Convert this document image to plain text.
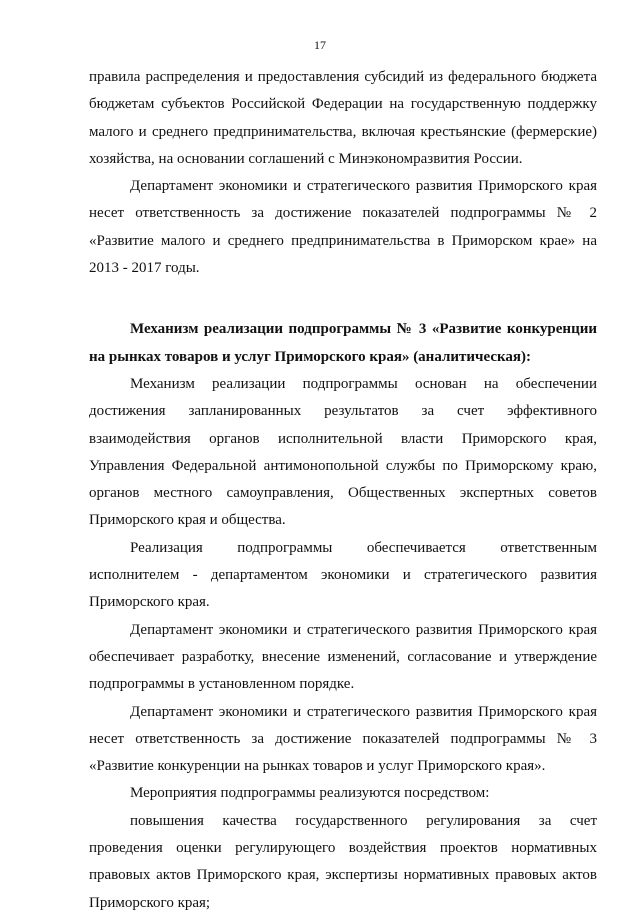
17

правила распределения и предоставления субсидий из федерального бюджета бюджетам субъектов Российской Федерации на государственную поддержку малого и среднего предпринимательства, включая крестьянские (фермерские) хозяйства, на основании соглашений с Минэкономразвития России.

Департамент экономики и стратегического развития Приморского края несет ответственность за достижение показателей подпрограммы № 2 «Развитие малого и среднего предпринимательства в Приморском крае» на 2013 - 2017 годы.

Механизм реализации подпрограммы № 3 «Развитие конкуренции на рынках товаров и услуг Приморского края» (аналитическая):

Механизм реализации подпрограммы основан на обеспечении достижения запланированных результатов за счет эффективного взаимодействия органов исполнительной власти Приморского края, Управления Федеральной антимонопольной службы по Приморскому краю, органов местного самоуправления, Общественных экспертных советов Приморского края и общества.

Реализация подпрограммы обеспечивается ответственным исполнителем - департаментом экономики и стратегического развития Приморского края.

Департамент экономики и стратегического развития Приморского края обеспечивает разработку, внесение изменений, согласование и утверждение подпрограммы в установленном порядке.

Департамент экономики и стратегического развития Приморского края несет ответственность за достижение показателей подпрограммы № 3 «Развитие конкуренции на рынках товаров и услуг Приморского края».

Мероприятия подпрограммы реализуются посредством:

повышения качества государственного регулирования за счет проведения оценки регулирующего воздействия проектов нормативных правовых актов Приморского края, экспертизы нормативных правовых актов Приморского края;
